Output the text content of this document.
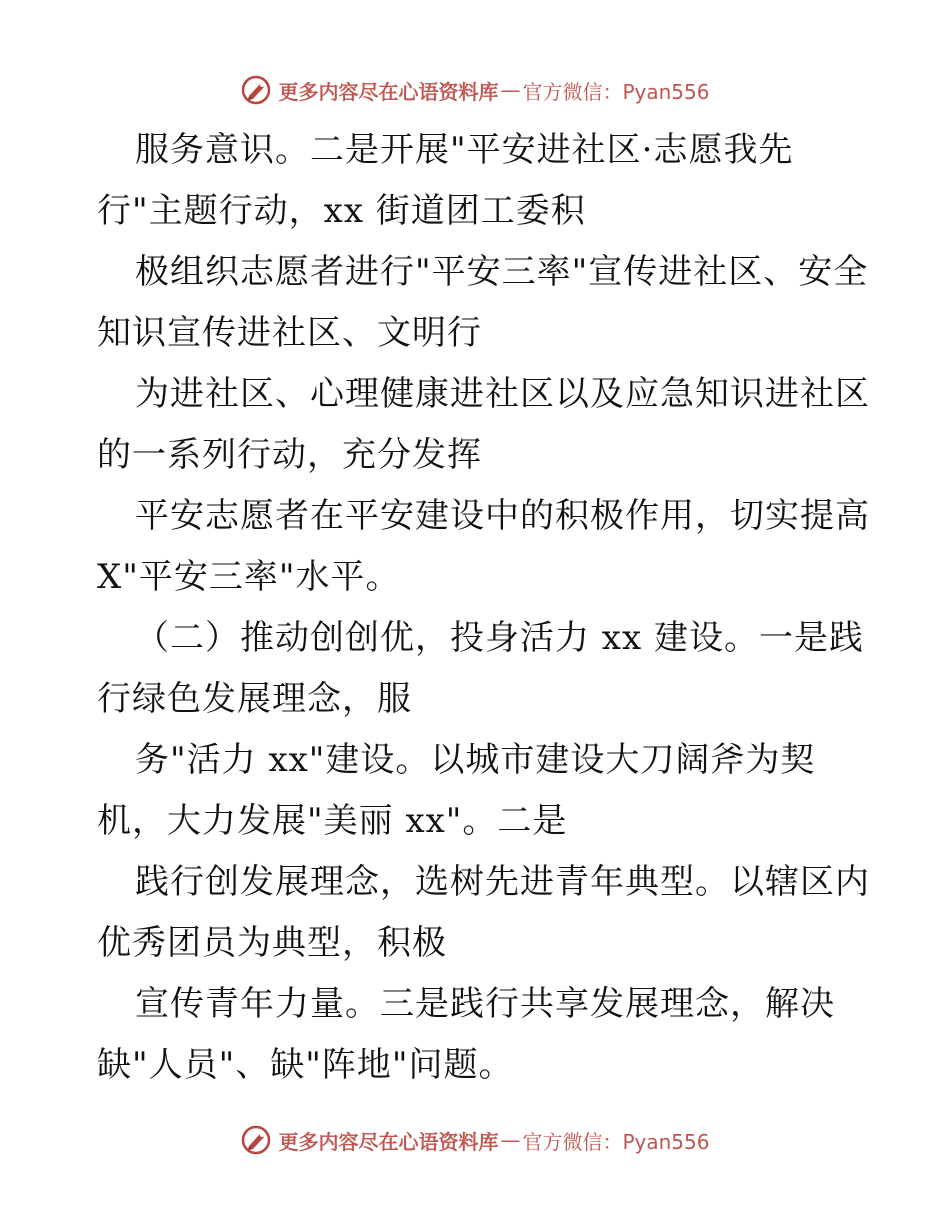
更多内容尽在心语资料库 — 官方微信：Pyan556
服务意识。二是开展"平安进社区·志愿我先
行"主题行动，xx 街道团工委积
极组织志愿者进行"平安三率"宣传进社区、安全
知识宣传进社区、文明行
为进社区、心理健康进社区以及应急知识进社区
的一系列行动，充分发挥
平安志愿者在平安建设中的积极作用，切实提高
X"平安三率"水平。
（二）推动创创优，投身活力 xx 建设。一是践
行绿色发展理念，服
务"活力 xx"建设。以城市建设大刀阔斧为契
机，大力发展"美丽 xx"。二是
践行创发展理念，选树先进青年典型。以辖区内
优秀团员为典型，积极
宣传青年力量。三是践行共享发展理念，解决
缺"人员"、缺"阵地"问题。
更多内容尽在心语资料库 — 官方微信：Pyan556
